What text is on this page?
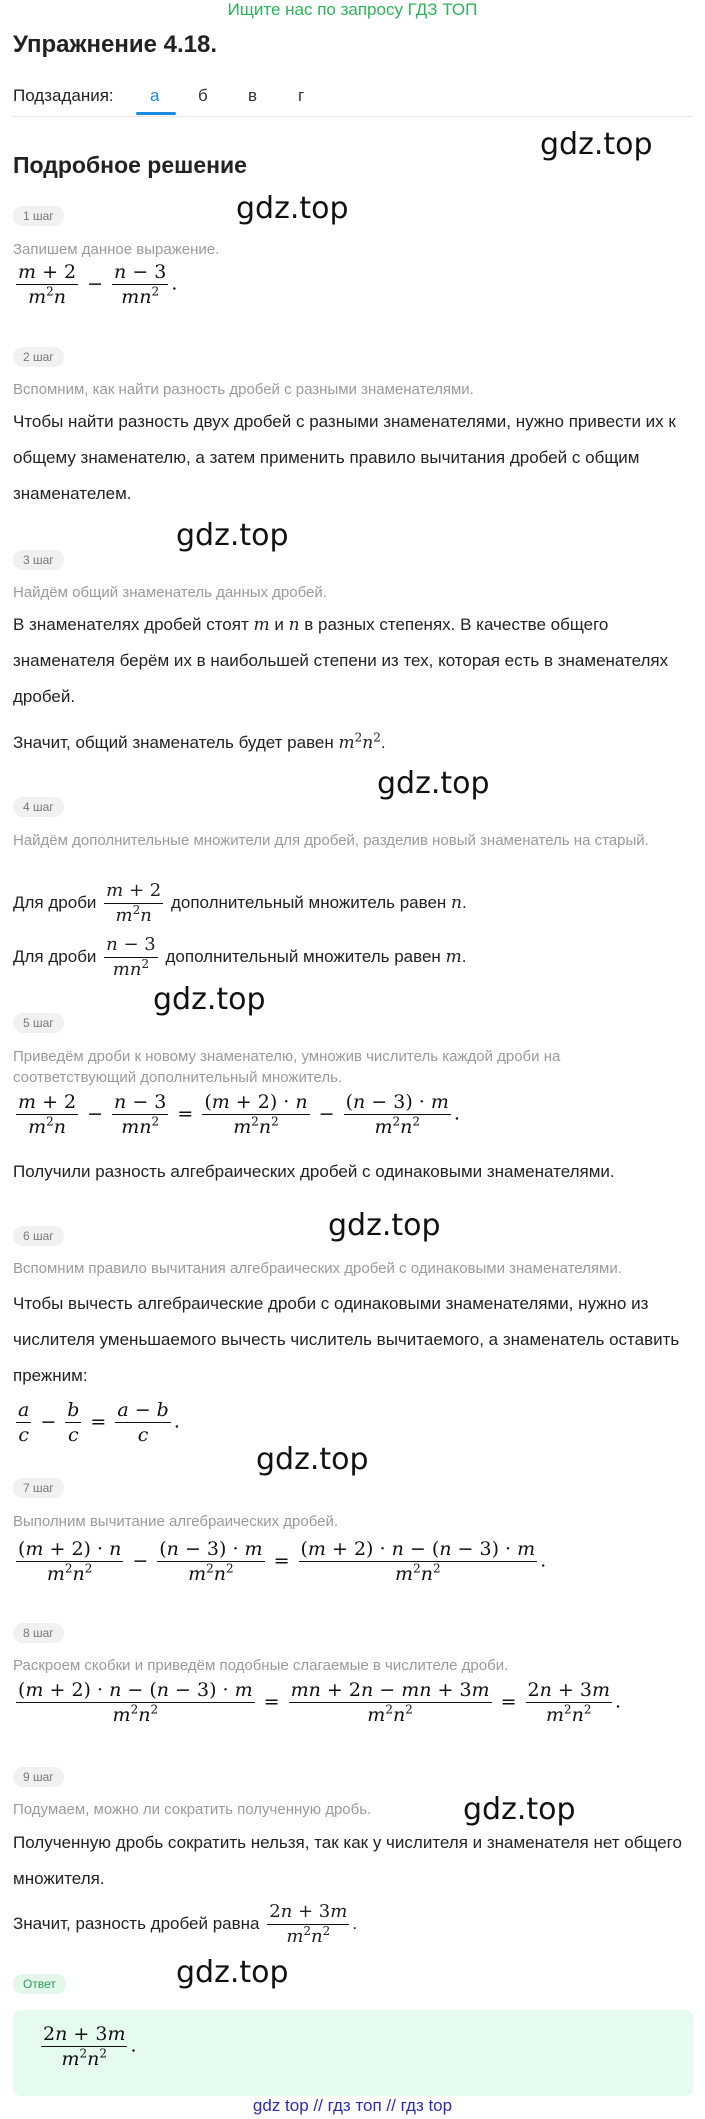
Ищите нас по запросу ГДЗ ТОП
Упражнение 4.18.
Подзадания: а б в г
Подробное решение
gdz.top
gdz.top
gdz.top
gdz.top
gdz.top
gdz.top
gdz.top
gdz.top
gdz.top
1 шаг
Запишем данное выражение.
$\frac{m + 2}{m^2n} - \frac{n - 3}{mn^2}$ .
2 шаг
Вспомним, как найти разность дробей с разными знаменателями.
Чтобы найти разность двух дробей с разными знаменателями, нужно привести их к общему знаменателю, а затем применить правило вычитания дробей с общим знаменателем.
3 шаг
Найдём общий знаменатель данных дробей.
В знаменателях дробей стоят m и n в разных степенях. В качестве общего знаменателя берём их в наибольшей степени из тех, которая есть в знаменателях дробей.
Значит, общий знаменатель будет равен $m^2n^2$.
4 шаг
Найдём дополнительные множители для дробей, разделив новый знаменатель на старый.
Для дроби $\frac{m + 2}{m^2n}$ дополнительный множитель равен n.
Для дроби $\frac{n - 3}{mn^2}$ дополнительный множитель равен m.
5 шаг
Приведём дроби к новому знаменателю, умножив числитель каждой дроби на соответствующий дополнительный множитель.
$\frac{m + 2}{m^2n} - \frac{n - 3}{mn^2} = \frac{(m + 2) \cdot n}{m^2n^2} - \frac{(n - 3) \cdot m}{m^2n^2}$ .
Получили разность алгебраических дробей с одинаковыми знаменателями.
6 шаг
Вспомним правило вычитания алгебраических дробей с одинаковыми знаменателями.
Чтобы вычесть алгебраические дроби с одинаковыми знаменателями, нужно из числителя уменьшаемого вычесть числитель вычитаемого, а знаменатель оставить прежним:
$\frac{a}{c} - \frac{b}{c} = \frac{a - b}{c}$ .
7 шаг
Выполним вычитание алгебраических дробей.
$\frac{(m + 2) \cdot n}{m^2n^2} - \frac{(n - 3) \cdot m}{m^2n^2} = \frac{(m + 2) \cdot n - (n - 3) \cdot m}{m^2n^2}$ .
8 шаг
Раскроем скобки и приведём подобные слагаемые в числителе дроби.
$\frac{(m + 2) \cdot n - (n - 3) \cdot m}{m^2n^2} = \frac{mn + 2n - mn + 3m}{m^2n^2} = \frac{2n + 3m}{m^2n^2}$ .
9 шаг
Подумаем, можно ли сократить полученную дробь.
Полученную дробь сократить нельзя, так как у числителя и знаменателя нет общего множителя.
Значит, разность дробей равна $\frac{2n + 3m}{m^2n^2}$ .
Ответ
$\frac{2n + 3m}{m^2n^2}$ .
gdz top // гдз топ // гдз top
